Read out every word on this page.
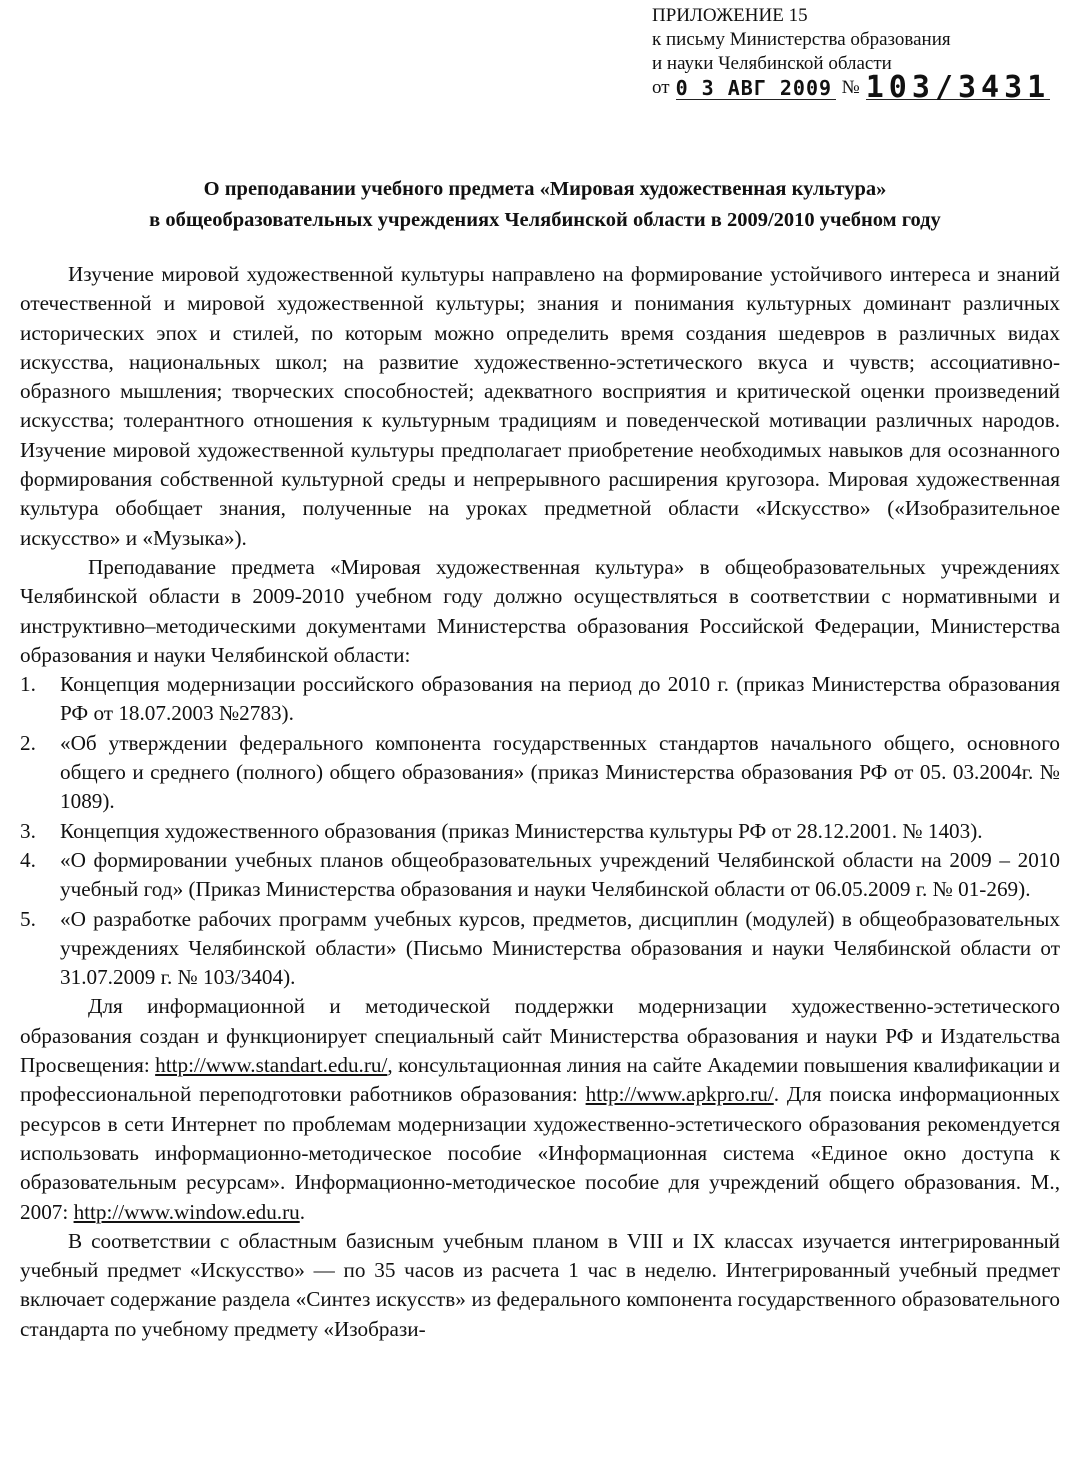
ПРИЛОЖЕНИЕ 15
к письму Министерства образования
и науки Челябинской области
от 0 3 АВГ 2009 № 103/3431
О преподавании учебного предмета «Мировая художественная культура»
в общеобразовательных учреждениях Челябинской области в 2009/2010 учебном году

Изучение мировой художественной культуры направлено на формирование устойчивого интереса и знаний отечественной и мировой художественной культуры; знания и понимания культурных доминант различных исторических эпох и стилей, по которым можно определить время создания шедевров в различных видах искусства, национальных школ; на развитие художественно-эстетического вкуса и чувств; ассоциативно-образного мышления; творческих способностей; адекватного восприятия и критической оценки произведений искусства; толерантного отношения к культурным традициям и поведенческой мотивации различных народов. Изучение мировой художественной культуры предполагает приобретение необходимых навыков для осознанного формирования собственной культурной среды и непрерывного расширения кругозора. Мировая художественная культура обобщает знания, полученные на уроках предметной области «Искусство» («Изобразительное искусство» и «Музыка»).

Преподавание предмета «Мировая художественная культура» в общеобразовательных учреждениях Челябинской области в 2009-2010 учебном году должно осуществляться в соответствии с нормативными и инструктивно–методическими документами Министерства образования Российской Федерации, Министерства образования и науки Челябинской области:

1. Концепция модернизации российского образования на период до 2010 г. (приказ Министерства образования РФ от 18.07.2003 №2783).
2. «Об утверждении федерального компонента государственных стандартов начального общего, основного общего и среднего (полного) общего образования» (приказ Министерства образования РФ от 05. 03.2004г. № 1089).
3. Концепция художественного образования (приказ Министерства культуры РФ от 28.12.2001. № 1403).
4. «О формировании учебных планов общеобразовательных учреждений Челябинской области на 2009 – 2010 учебный год» (Приказ Министерства образования и науки Челябинской области от 06.05.2009 г. № 01-269).
5. «О разработке рабочих программ учебных курсов, предметов, дисциплин (модулей) в общеобразовательных учреждениях Челябинской области» (Письмо Министерства образования и науки Челябинской области от 31.07.2009 г. № 103/3404).

Для информационной и методической поддержки модернизации художественно-эстетического образования создан и функционирует специальный сайт Министерства образования и науки РФ и Издательства Просвещения: http://www.standart.edu.ru/, консультационная линия на сайте Академии повышения квалификации и профессиональной переподготовки работников образования: http://www.apkpro.ru/. Для поиска информационных ресурсов в сети Интернет по проблемам модернизации художественно-эстетического образования рекомендуется использовать информационно-методическое пособие «Информационная система «Единое окно доступа к образовательным ресурсам». Информационно-методическое пособие для учреждений общего образования. М., 2007: http://www.window.edu.ru.

В соответствии с областным базисным учебным планом в VIII и IX классах изучается интегрированный учебный предмет «Искусство» — по 35 часов из расчета 1 час в неделю. Интегрированный учебный предмет включает содержание раздела «Синтез искусств» из федерального компонента государственного образовательного стандарта по учебному предмету «Изобрази-
